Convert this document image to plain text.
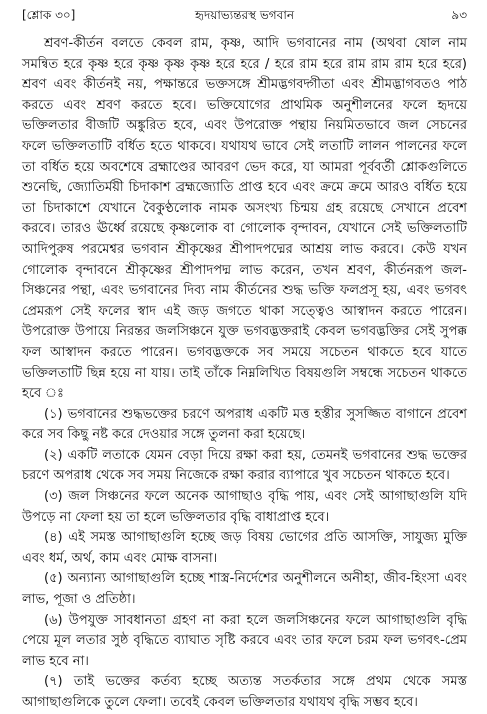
[শ্লোক ৩০]	হৃদয়াভ্যন্তরস্থ ভগবান	৯৩

শ্রবণ-কীর্তন বলতে কেবল রাম, কৃষ্ণ, আদি ভগবানের নাম (অথবা ষোল নাম সমন্বিত হরে কৃষ্ণ হরে কৃষ্ণ কৃষ্ণ কৃষ্ণ হরে হরে / হরে রাম হরে রাম রাম রাম হরে হরে) শ্রবণ এবং কীর্তনই নয়, পক্ষান্তরে ভক্তসঙ্গে শ্রীমদ্ভগবদ্গীতা এবং শ্রীমদ্ভাগবতও পাঠ করতে এবং শ্রবণ করতে হবে। ভক্তিযোগের প্রাথমিক অনুশীলনের ফলে হৃদয়ে ভক্তিলতার বীজটি অঙ্কুরিত হবে, এবং উপরোক্ত পন্থায় নিয়মিতভাবে জল সেচনের ফলে ভক্তিলতাটি বর্ধিত হতে থাকবে। যথাযথ ভাবে সেই লতাটি লালন পালনের ফলে তা বর্ধিত হয়ে অবশেষে ব্রহ্মাণ্ডের আবরণ ভেদ করে, যা আমরা পূর্ববর্তী শ্লোকগুলিতে শুনেছি, জ্যোতির্ময়ী চিদাকাশ ব্রহ্মজ্যোতি প্রাপ্ত হবে এবং ক্রমে ক্রমে আরও বর্ধিত হয়ে তা চিদাকাশে যেখানে বৈকুণ্ঠলোক নামক অসংখ্য চিন্ময় গ্রহ রয়েছে সেখানে প্রবেশ করবে। তারও ঊর্ধ্বে রয়েছে কৃষ্ণলোক বা গোলোক বৃন্দাবন, যেখানে সেই ভক্তিলতাটি আদিপুরুষ পরমেশ্বর ভগবান শ্রীকৃষ্ণের শ্রীপাদপদ্মের আশ্রয় লাভ করবে। কেউ যখন গোলোক বৃন্দাবনে শ্রীকৃষ্ণের শ্রীপাদপদ্ম লাভ করেন, তখন শ্রবণ, কীর্তনরূপ জল-সিঞ্চনের পন্থা, এবং ভগবানের দিব্য নাম কীর্তনের শুদ্ধ ভক্তি ফলপ্রসূ হয়, এবং ভগবৎ প্রেমরূপ সেই ফলের স্বাদ এই জড় জগতে থাকা সত্ত্বেও আস্বাদন করতে পারেন। উপরোক্ত উপায়ে নিরন্তর জলসিঞ্চনে যুক্ত ভগবদ্ভক্তরাই কেবল ভগবদ্ভক্তির সেই সুপক্ক ফল আস্বাদন করতে পারেন। ভগবদ্ভক্তকে সব সময়ে সচেতন থাকতে হবে যাতে ভক্তিলতাটি ছিন্ন হয়ে না যায়। তাই তাঁকে নিম্নলিখিত বিষয়গুলি সম্বন্ধে সচেতন থাকতে হবে ঃ

(১) ভগবানের শুদ্ধভক্তের চরণে অপরাধ একটি মত্ত হস্তীর সুসজ্জিত বাগানে প্রবেশ করে সব কিছু নষ্ট করে দেওয়ার সঙ্গে তুলনা করা হয়েছে।

(২) একটি লতাকে যেমন বেড়া দিয়ে রক্ষা করা হয়, তেমনই ভগবানের শুদ্ধ ভক্তের চরণে অপরাধ থেকে সব সময় নিজেকে রক্ষা করার ব্যাপারে খুব সচেতন থাকতে হবে।

(৩) জল সিঞ্চনের ফলে অনেক আগাছাও বৃদ্ধি পায়, এবং সেই আগাছাগুলি যদি উপড়ে না ফেলা হয় তা হলে ভক্তিলতার বৃদ্ধি বাধাপ্রাপ্ত হবে।

(৪) এই সমস্ত আগাছাগুলি হচ্ছে জড় বিষয় ভোগের প্রতি আসক্তি, সাযুজ্য মুক্তি এবং ধর্ম, অর্থ, কাম এবং মোক্ষ বাসনা।

(৫) অন্যান্য আগাছাগুলি হচ্ছে শাস্ত্র-নির্দেশের অনুশীলনে অনীহা, জীব-হিংসা এবং লাভ, পূজা ও প্রতিষ্ঠা।

(৬) উপযুক্ত সাবধানতা গ্রহণ না করা হলে জলসিঞ্চনের ফলে আগাছাগুলি বৃদ্ধি পেয়ে মূল লতার সুষ্ঠ বৃদ্ধিতে ব্যাঘাত সৃষ্টি করবে এবং তার ফলে চরম ফল ভগবৎ-প্রেম লাভ হবে না।

(৭) তাই ভক্তের কর্তব্য হচ্ছে অত্যন্ত সতর্কতার সঙ্গে প্রথম থেকে সমস্ত আগাছাগুলিকে তুলে ফেলা। তবেই কেবল ভক্তিলতার যথাযথ বৃদ্ধি সম্ভব হবে।
